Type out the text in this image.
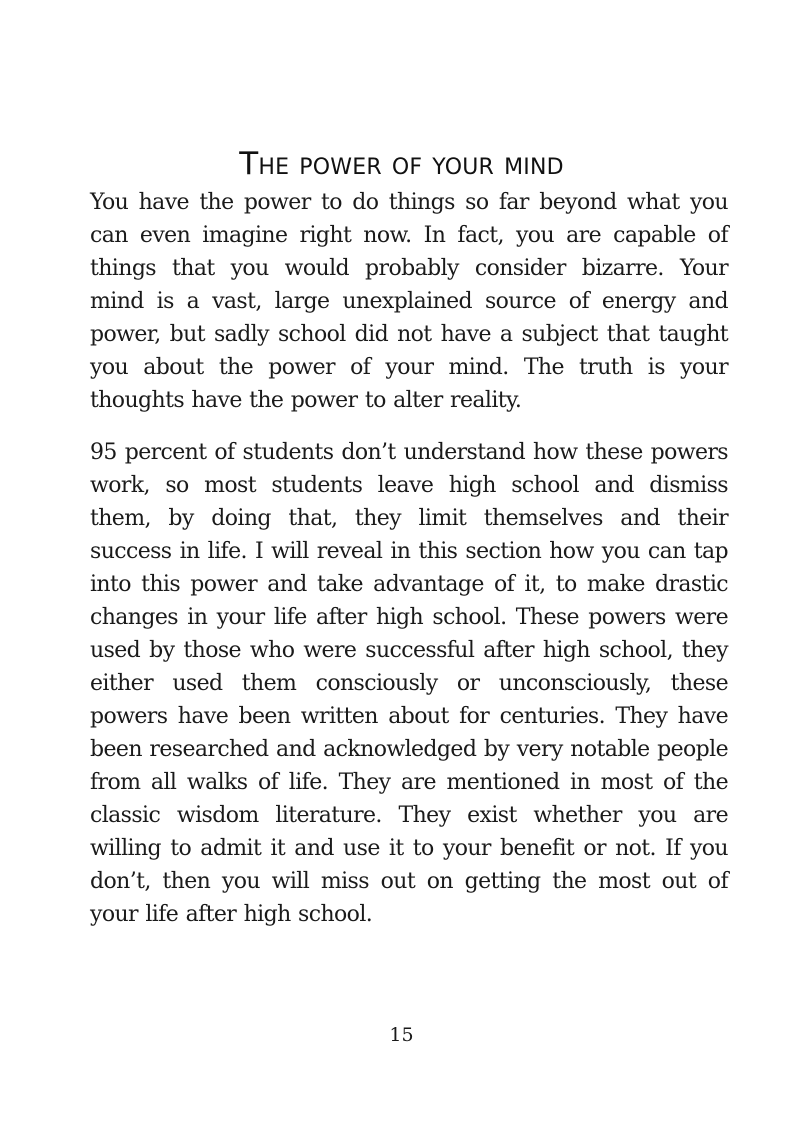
The power of your mind

You have the power to do things so far beyond what you can even imagine right now. In fact, you are capable of things that you would probably consider bizarre. Your mind is a vast, large unexplained source of energy and power, but sadly school did not have a subject that taught you about the power of your mind. The truth is your thoughts have the power to alter reality.

95 percent of students don’t understand how these powers work, so most students leave high school and dismiss them, by doing that, they limit themselves and their success in life. I will reveal in this section how you can tap into this power and take advantage of it, to make drastic changes in your life after high school. These powers were used by those who were successful after high school, they either used them consciously or unconsciously, these powers have been written about for centuries. They have been researched and acknowledged by very notable people from all walks of life. They are mentioned in most of the classic wisdom literature. They exist whether you are willing to admit it and use it to your benefit or not. If you don’t, then you will miss out on getting the most out of your life after high school.

15
